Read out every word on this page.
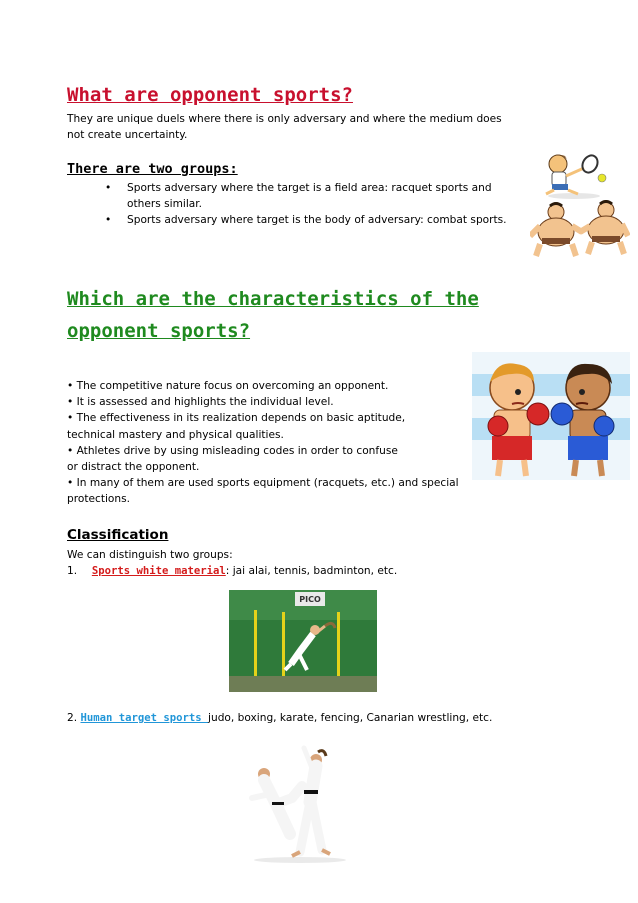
What are opponent sports?
They are unique duels where there is only adversary and where the medium does
not create uncertainty.
There are two groups:
• Sports adversary where the target is a field area: racquet sports and
others similar.
• Sports adversary where target is the body of adversary: combat sports.
Which are the characteristics of the
opponent sports?
• The competitive nature focus on overcoming an opponent.
• It is assessed and highlights the individual level.
• The effectiveness in its realization depends on basic aptitude,
technical mastery and physical qualities.
• Athletes drive by using misleading codes in order to confuse
or distract the opponent.
• In many of them are used sports equipment (racquets, etc.) and special
protections.
Classification
We can distinguish two groups:
1. Sports white material: jai alai, tennis, badminton, etc.
PICO
2. Human target sports judo, boxing, karate, fencing, Canarian wrestling, etc.
